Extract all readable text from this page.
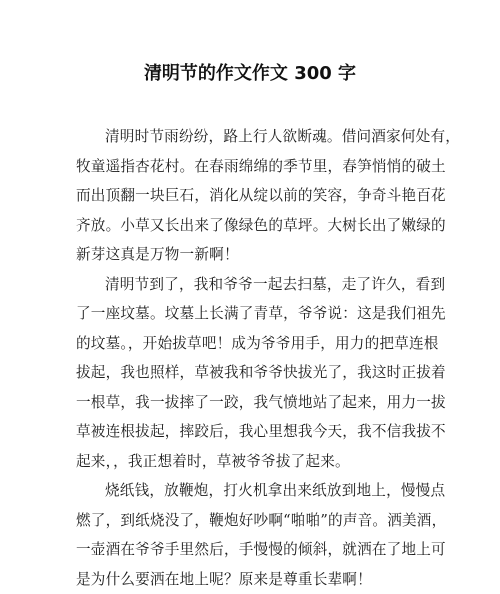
清明节的作文作文 300 字
清明时节雨纷纷，路上行人欲断魂。借问酒家何处有，
牧童遥指杏花村。在春雨绵绵的季节里，春笋悄悄的破土
而出顶翻一块巨石，消化从绽以前的笑容，争奇斗艳百花
齐放。小草又长出来了像绿色的草坪。大树长出了嫩绿的
新芽这真是万物一新啊！
清明节到了，我和爷爷一起去扫墓，走了许久，看到
了一座坟墓。坟墓上长满了青草，爷爷说：这是我们祖先
的坟墓。，开始拔草吧！成为爷爷用手，用力的把草连根
拔起，我也照样，草被我和爷爷快拔光了，我这时正拔着
一根草，我一拔摔了一跤，我气愤地站了起来，用力一拔
草被连根拔起，摔跤后，我心里想我今天，我不信我拔不
起来，，我正想着时，草被爷爷拔了起来。
烧纸钱，放鞭炮，打火机拿出来纸放到地上，慢慢点
燃了，到纸烧没了，鞭炮好吵啊“啪啪”的声音。洒美酒，
一壶酒在爷爷手里然后，手慢慢的倾斜，就洒在了地上可
是为什么要洒在地上呢？原来是尊重长辈啊！
